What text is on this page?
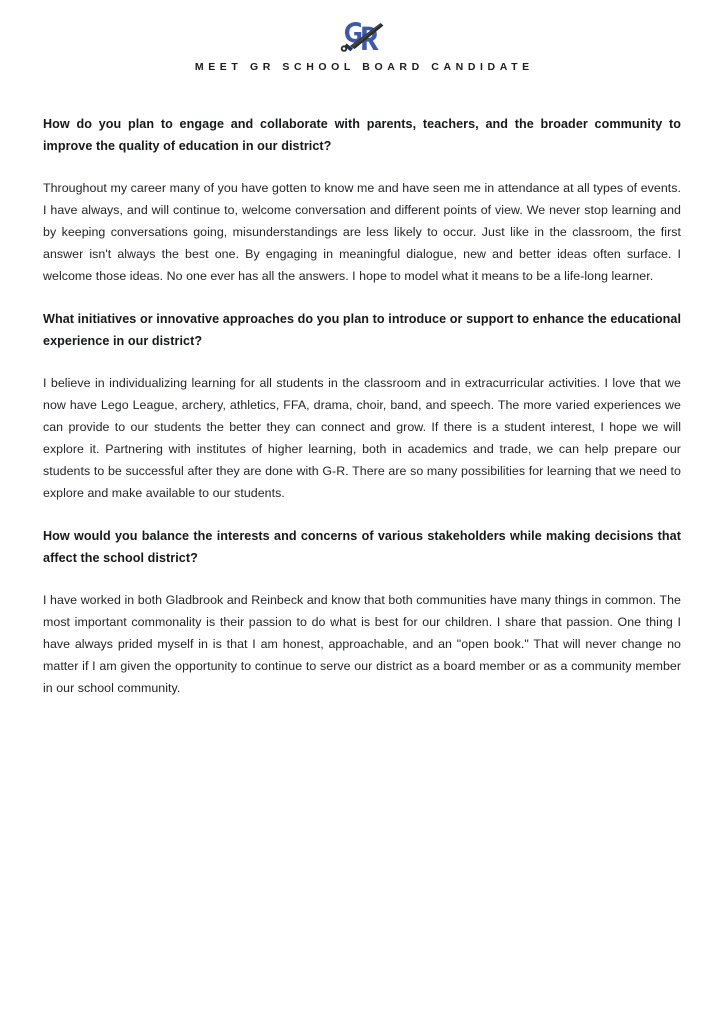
MEET GR SCHOOL BOARD CANDIDATE

How do you plan to engage and collaborate with parents, teachers, and the broader community to improve the quality of education in our district?

Throughout my career many of you have gotten to know me and have seen me in attendance at all types of events. I have always, and will continue to, welcome conversation and different points of view. We never stop learning and by keeping conversations going, misunderstandings are less likely to occur. Just like in the classroom, the first answer isn't always the best one. By engaging in meaningful dialogue, new and better ideas often surface. I welcome those ideas. No one ever has all the answers. I hope to model what it means to be a life-long learner.

What initiatives or innovative approaches do you plan to introduce or support to enhance the educational experience in our district?

I believe in individualizing learning for all students in the classroom and in extracurricular activities. I love that we now have Lego League, archery, athletics, FFA, drama, choir, band, and speech. The more varied experiences we can provide to our students the better they can connect and grow. If there is a student interest, I hope we will explore it. Partnering with institutes of higher learning, both in academics and trade, we can help prepare our students to be successful after they are done with G-R. There are so many possibilities for learning that we need to explore and make available to our students.

How would you balance the interests and concerns of various stakeholders while making decisions that affect the school district?

I have worked in both Gladbrook and Reinbeck and know that both communities have many things in common. The most important commonality is their passion to do what is best for our children. I share that passion. One thing I have always prided myself in is that I am honest, approachable, and an "open book." That will never change no matter if I am given the opportunity to continue to serve our district as a board member or as a community member in our school community.
